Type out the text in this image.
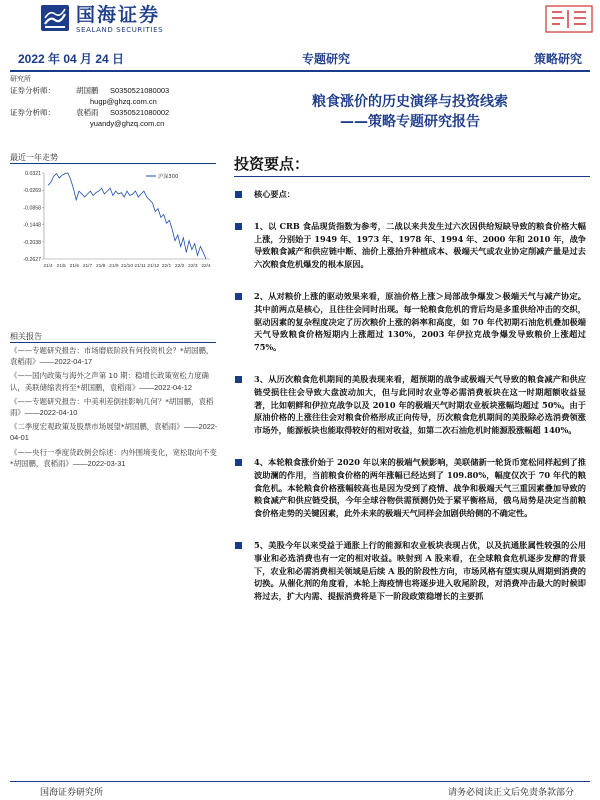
国海证券
SEALAND SECURITIES
2022 年 04 月 24 日	专题研究	策略研究
研究所
证券分析师：	胡国鹏	S0350521080003
hugp@ghzq.com.cn
证券分析师：	袁稻雨	S0350521080002
yuandy@ghzq.com.cn
最近一年走势
0.0321
-0.0269
-0.0858
-0.1448
-0.2038
-0.2627
21/4 21/5 21/6 21/7 21/8 21/9 21/10 21/11 21/12 22/1 22/2 22/3 22/4
沪深300
相关报告
《——专题研究报告：市场磨底阶段有何投资机会？*胡国鹏，袁稻雨》——2022-04-17
《——国内政策与海外之声第 10 期：稳增长政策宽松力度确认，美联储缩表将至*胡国鹏，袁稻雨》——2022-04-12
《——专题研究报告：中美利差倒挂影响几何？*胡国鹏，袁稻雨》——2022-04-10
《二季度宏观政策及股票市场展望*胡国鹏，袁稻雨》——2022-04-01
《——央行一季度货政例会综述：内外围境变化，宽松取向不变*胡国鹏，袁稻雨》——2022-03-31
粮食涨价的历史演绎与投资线索
——策略专题研究报告
投资要点：
核心要点：
1、以 CRB 食品现货指数为参考，二战以来共发生过六次因供给短缺导致的粮食价格大幅上涨，分别始于 1949 年、1973 年、1978 年、1994 年、2000 年和 2010 年，战争导致粮食减产和供应链中断、油价上涨抬升种植成本、极端天气或农业协定削减产量是过去六次粮食危机爆发的根本原因。
2、从对粮价上涨的驱动效果来看，原油价格上涨＞局部战争爆发＞极端天气与减产协定。其中前两点是核心，且往往会同时出现。每一轮粮食危机的背后均是多重供给冲击的交织，驱动因素的复杂程度决定了历次粮价上涨的斜率和高度，如 70 年代初期石油危机叠加极端天气导致粮食价格短期内上涨超过 130%，2003 年伊拉克战争爆发导致粮价上涨超过 75%。
3、从历次粮食危机期间的美股表现来看，超预期的战争或极端天气导致的粮食减产和供应链受损往往会导致大盘波动加大，但与此同时农业等必需消费板块在这一时期超额收益显著，比如朝鲜和伊拉克战争以及 2010 年的极端天气时期农业板块涨幅均超过 50%。由于原油价格的上涨往往会对粮食价格形成正向传导，历次粮食危机期间的美股除必选消费领涨市场外，能源板块也能取得较好的相对收益，如第二次石油危机时能源股涨幅超 140%。
4、本轮粮食涨价始于 2020 年以来的极端气候影响，美联储新一轮货币宽松同样起到了推波助澜的作用，当前粮食价格的两年涨幅已经达到了 109.80%，幅度仅次于 70 年代的粮食危机。本轮粮食价格涨幅较高也是因为受到了疫情、战争和极端天气三重因素叠加导致的粮食减产和供应链受损，今年全球谷物供需预测仍处于紧平衡格局，俄乌局势是决定当前粮食价格走势的关键因素，此外未来的极端天气同样会加剧供给侧的不确定性。
5、美股今年以来受益于通胀上行的能源和农业板块表现占优，以及抗通胀属性较强的公用事业和必选消费也有一定的相对收益。映射到 A 股来看，在全球粮食危机逐步发酵的背景下，农业和必需消费相关领域是后续 A 股的阶段性方向，市场风格有望实现从周期到消费的切换。从催化剂的角度看，本轮上海疫情也将逐步进入收尾阶段，对消费冲击最大的时候即将过去，扩大内需、提振消费将是下一阶段政策稳增长的主要抓
国海证券研究所	请务必阅读正文后免责条款部分
